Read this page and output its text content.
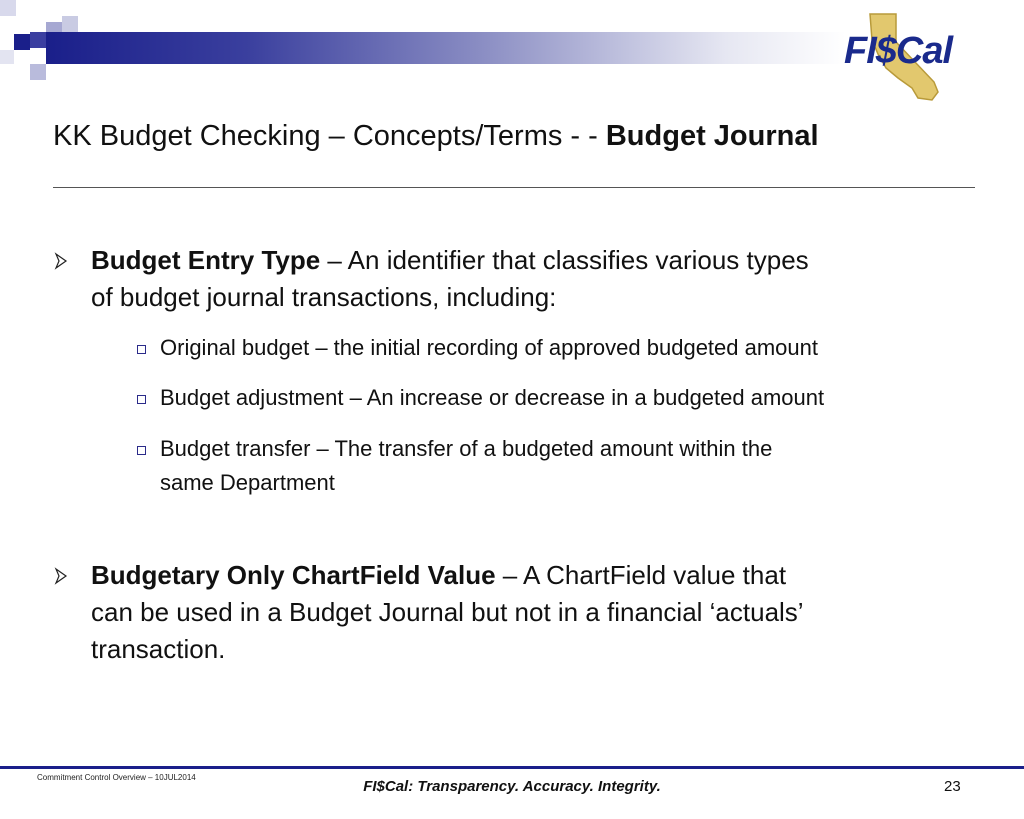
FI$Cal
KK Budget Checking – Concepts/Terms - - Budget Journal
Budget Entry Type – An identifier that classifies various types
of budget journal transactions, including:
Original budget – the initial recording of approved budgeted amount
Budget adjustment – An increase or decrease in a budgeted amount
Budget transfer – The transfer of a budgeted amount within the
same Department
Budgetary Only ChartField Value – A ChartField value that
can be used in a Budget Journal but not in a financial ‘actuals’
transaction.
Commitment Control Overview – 10JUL2014
FI$Cal: Transparency. Accuracy. Integrity.	23
